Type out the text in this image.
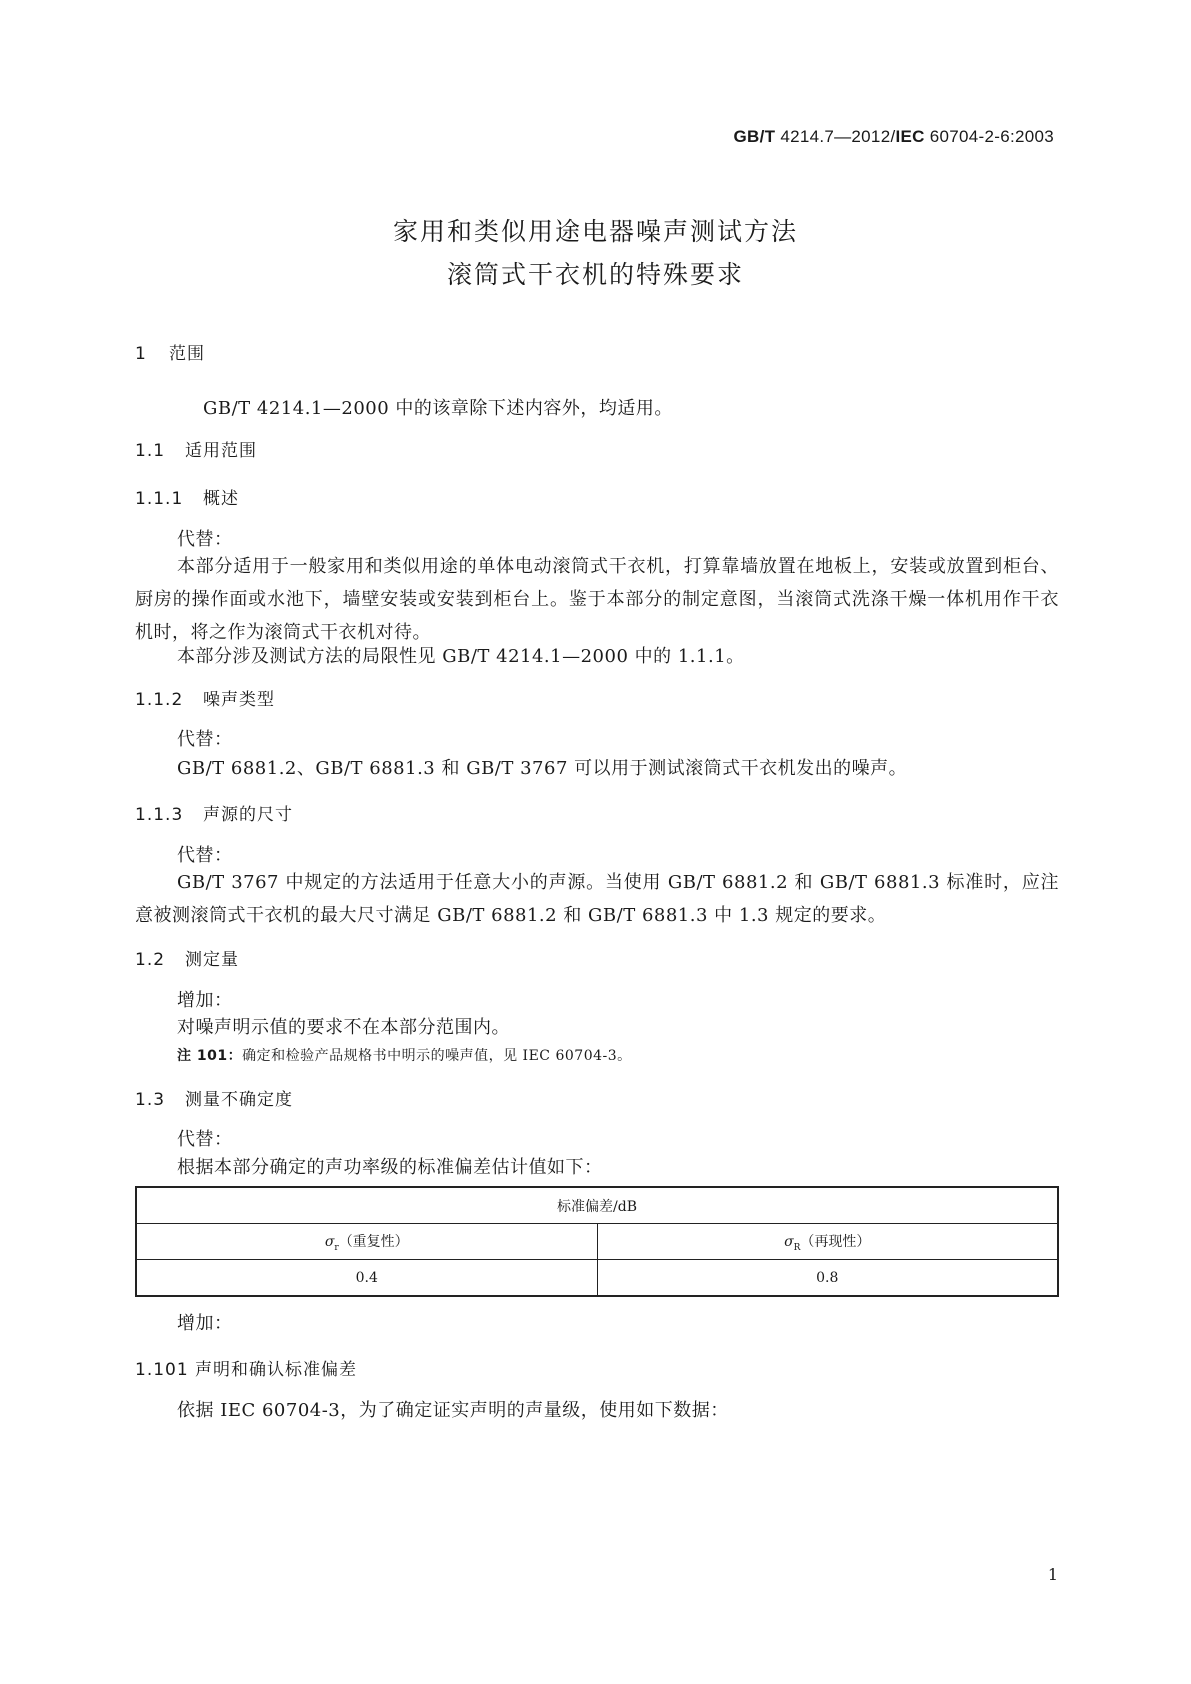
GB/T 4214.7—2012/IEC 60704-2-6:2003
家用和类似用途电器噪声测试方法
滚筒式干衣机的特殊要求
1 范围
GB/T 4214.1—2000 中的该章除下述内容外，均适用。
1.1 适用范围
1.1.1 概述
代替：
本部分适用于一般家用和类似用途的单体电动滚筒式干衣机，打算靠墙放置在地板上，安装或放置到柜台、厨房的操作面或水池下，墙壁安装或安装到柜台上。鉴于本部分的制定意图，当滚筒式洗涤干燥一体机用作干衣机时，将之作为滚筒式干衣机对待。
本部分涉及测试方法的局限性见 GB/T 4214.1—2000 中的 1.1.1。
1.1.2 噪声类型
代替：
GB/T 6881.2、GB/T 6881.3 和 GB/T 3767 可以用于测试滚筒式干衣机发出的噪声。
1.1.3 声源的尺寸
代替：
GB/T 3767 中规定的方法适用于任意大小的声源。当使用 GB/T 6881.2 和 GB/T 6881.3 标准时，应注意被测滚筒式干衣机的最大尺寸满足 GB/T 6881.2 和 GB/T 6881.3 中 1.3 规定的要求。
1.2 测定量
增加：
对噪声明示值的要求不在本部分范围内。
注 101：确定和检验产品规格书中明示的噪声值，见 IEC 60704-3。
1.3 测量不确定度
代替：
根据本部分确定的声功率级的标准偏差估计值如下：
标准偏差/dB	
$\sigma_r$（重复性）	$\sigma_R$（再现性）
0.4	0.8
增加：
1.101 声明和确认标准偏差
依据 IEC 60704-3，为了确定证实声明的声量级，使用如下数据：
1
